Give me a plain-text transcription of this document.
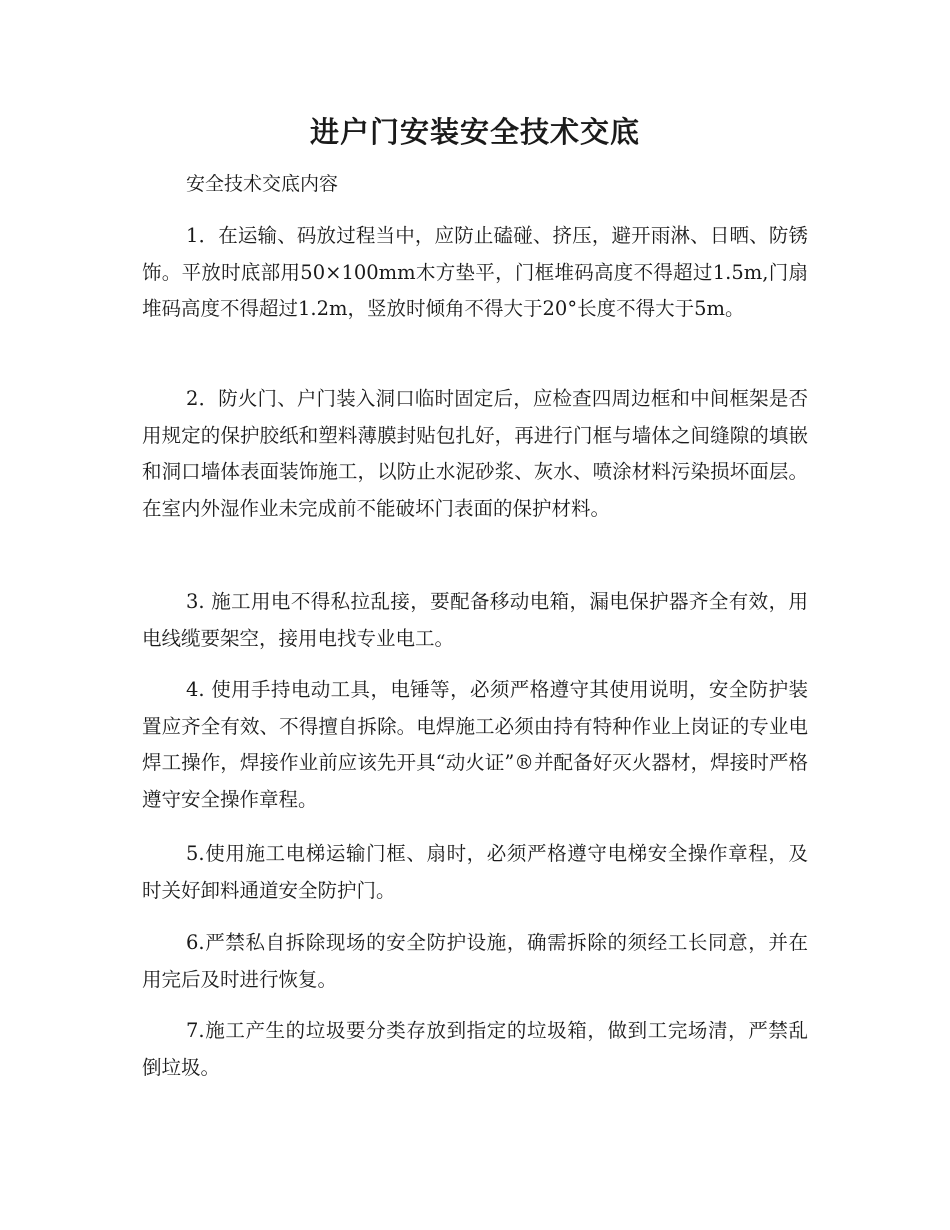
进户门安装安全技术交底

安全技术交底内容

1．在运输、码放过程当中，应防止磕碰、挤压，避开雨淋、日晒、防锈饰。平放时底部用50×100mm木方垫平，门框堆码高度不得超过1.5m,门扇堆码高度不得超过1.2m，竖放时倾角不得大于20°长度不得大于5m。

2．防火门、户门装入洞口临时固定后，应检查四周边框和中间框架是否用规定的保护胶纸和塑料薄膜封贴包扎好，再进行门框与墙体之间缝隙的填嵌和洞口墙体表面装饰施工，以防止水泥砂浆、灰水、喷涂材料污染损坏面层。在室内外湿作业未完成前不能破坏门表面的保护材料。

3. 施工用电不得私拉乱接，要配备移动电箱，漏电保护器齐全有效，用电线缆要架空，接用电找专业电工。

4. 使用手持电动工具，电锤等，必须严格遵守其使用说明，安全防护装置应齐全有效、不得擅自拆除。电焊施工必须由持有特种作业上岗证的专业电焊工操作，焊接作业前应该先开具“动火证”®并配备好灭火器材，焊接时严格遵守安全操作章程。

5.使用施工电梯运输门框、扇时，必须严格遵守电梯安全操作章程，及时关好卸料通道安全防护门。

6.严禁私自拆除现场的安全防护设施，确需拆除的须经工长同意，并在用完后及时进行恢复。

7.施工产生的垃圾要分类存放到指定的垃圾箱，做到工完场清，严禁乱倒垃圾。
